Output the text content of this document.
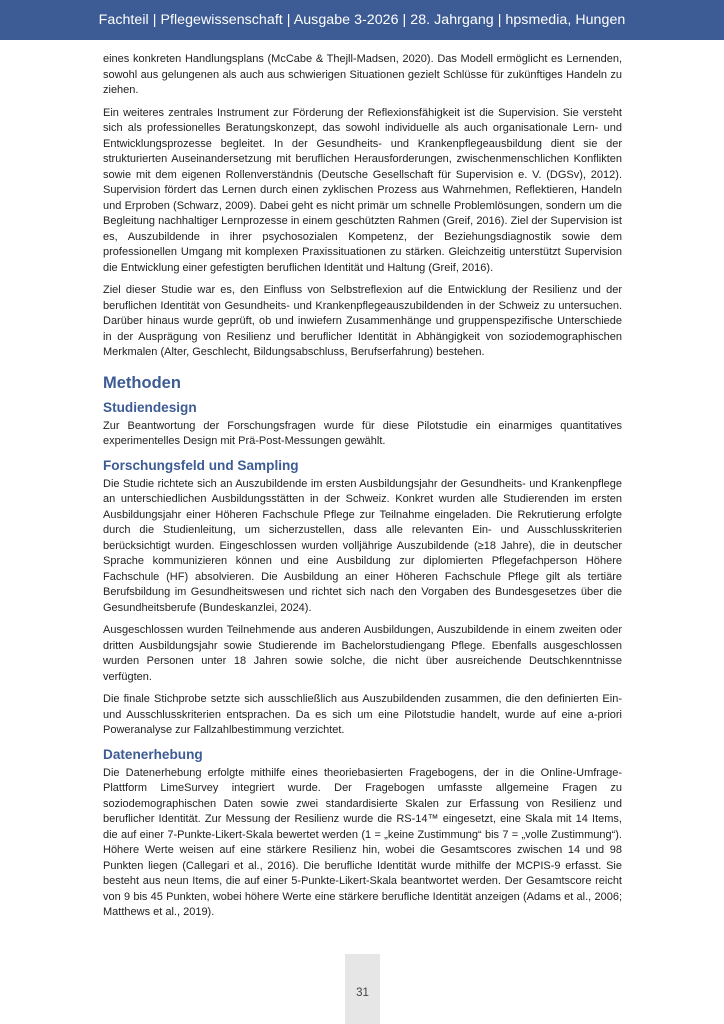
Fachteil | Pflegewissenschaft | Ausgabe 3-2026 | 28. Jahrgang | hpsmedia, Hungen

eines konkreten Handlungsplans (McCabe & Thejll-Madsen, 2020). Das Modell ermöglicht es Lernenden, sowohl aus gelungenen als auch aus schwierigen Situationen gezielt Schlüsse für zukünftiges Handeln zu ziehen.

Ein weiteres zentrales Instrument zur Förderung der Reflexionsfähigkeit ist die Supervision. Sie versteht sich als professionelles Beratungskonzept, das sowohl individuelle als auch organisationale Lern- und Entwicklungsprozesse begleitet. In der Gesundheits- und Krankenpflegeausbildung dient sie der strukturierten Auseinandersetzung mit beruflichen Herausforderungen, zwischenmenschlichen Konflikten sowie mit dem eigenen Rollenverständnis (Deutsche Gesellschaft für Supervision e. V. (DGSv), 2012). Supervision fördert das Lernen durch einen zyklischen Prozess aus Wahrnehmen, Reflektieren, Handeln und Erproben (Schwarz, 2009). Dabei geht es nicht primär um schnelle Problemlösungen, sondern um die Begleitung nachhaltiger Lernprozesse in einem geschützten Rahmen (Greif, 2016). Ziel der Supervision ist es, Auszubildende in ihrer psychosozialen Kompetenz, der Beziehungsdiagnostik sowie dem professionellen Umgang mit komplexen Praxissituationen zu stärken. Gleichzeitig unterstützt Supervision die Entwicklung einer gefestigten beruflichen Identität und Haltung (Greif, 2016).

Ziel dieser Studie war es, den Einfluss von Selbstreflexion auf die Entwicklung der Resilienz und der beruflichen Identität von Gesundheits- und Krankenpflegeauszubildenden in der Schweiz zu untersuchen. Darüber hinaus wurde geprüft, ob und inwiefern Zusammenhänge und gruppenspezifische Unterschiede in der Ausprägung von Resilienz und beruflicher Identität in Abhängigkeit von soziodemographischen Merkmalen (Alter, Geschlecht, Bildungsabschluss, Berufserfahrung) bestehen.

Methoden
Studiendesign

Zur Beantwortung der Forschungsfragen wurde für diese Pilotstudie ein einarmiges quantitatives experimentelles Design mit Prä-Post-Messungen gewählt.

Forschungsfeld und Sampling

Die Studie richtete sich an Auszubildende im ersten Ausbildungsjahr der Gesundheits- und Krankenpflege an unterschiedlichen Ausbildungsstätten in der Schweiz. Konkret wurden alle Studierenden im ersten Ausbildungsjahr einer Höheren Fachschule Pflege zur Teilnahme eingeladen. Die Rekrutierung erfolgte durch die Studienleitung, um sicherzustellen, dass alle relevanten Ein- und Ausschlusskriterien berücksichtigt wurden. Eingeschlossen wurden volljährige Auszubildende (≥18 Jahre), die in deutscher Sprache kommunizieren können und eine Ausbildung zur diplomierten Pflegefachperson Höhere Fachschule (HF) absolvieren. Die Ausbildung an einer Höheren Fachschule Pflege gilt als tertiäre Berufsbildung im Gesundheitswesen und richtet sich nach den Vorgaben des Bundesgesetzes über die Gesundheitsberufe (Bundeskanzlei, 2024).

Ausgeschlossen wurden Teilnehmende aus anderen Ausbildungen, Auszubildende in einem zweiten oder dritten Ausbildungsjahr sowie Studierende im Bachelorstudiengang Pflege. Ebenfalls ausgeschlossen wurden Personen unter 18 Jahren sowie solche, die nicht über ausreichende Deutschkenntnisse verfügten.

Die finale Stichprobe setzte sich ausschließlich aus Auszubildenden zusammen, die den definierten Ein- und Ausschlusskriterien entsprachen. Da es sich um eine Pilotstudie handelt, wurde auf eine a-priori Poweranalyse zur Fallzahlbestimmung verzichtet.

Datenerhebung

Die Datenerhebung erfolgte mithilfe eines theoriebasierten Fragebogens, der in die Online-Umfrage-Plattform LimeSurvey integriert wurde. Der Fragebogen umfasste allgemeine Fragen zu soziodemographischen Daten sowie zwei standardisierte Skalen zur Erfassung von Resilienz und beruflicher Identität. Zur Messung der Resilienz wurde die RS-14™ eingesetzt, eine Skala mit 14 Items, die auf einer 7-Punkte-Likert-Skala bewertet werden (1 = „keine Zustimmung“ bis 7 = „volle Zustimmung“). Höhere Werte weisen auf eine stärkere Resilienz hin, wobei die Gesamtscores zwischen 14 und 98 Punkten liegen (Callegari et al., 2016). Die berufliche Identität wurde mithilfe der MCPIS-9 erfasst. Sie besteht aus neun Items, die auf einer 5-Punkte-Likert-Skala beantwortet werden. Der Gesamtscore reicht von 9 bis 45 Punkten, wobei höhere Werte eine stärkere berufliche Identität anzeigen (Adams et al., 2006; Matthews et al., 2019).

31
